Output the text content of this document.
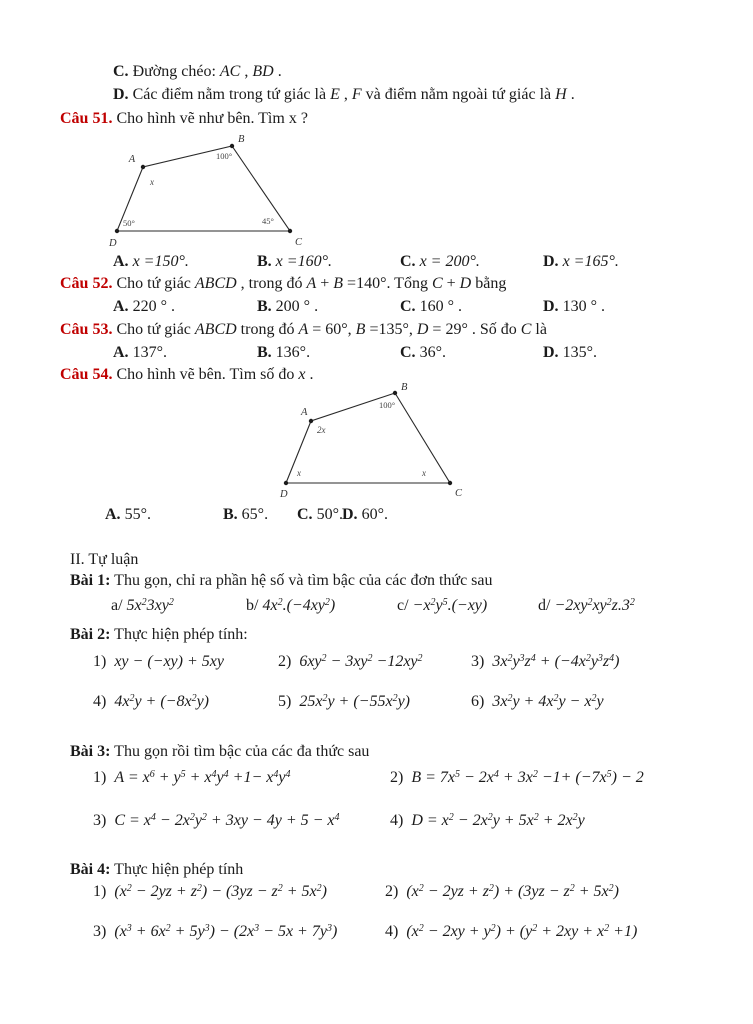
C. Đường chéo: AC , BD .
D. Các điểm nằm trong tứ giác là E , F và điểm nằm ngoài tứ giác là H .
Câu 51. Cho hình vẽ như bên. Tìm x ?
A
B
C
D
x
100°
45°
50°
A. x =150°.	B. x =160°.	C. x = 200°.	D. x =165°.
Câu 52. Cho tứ giác ABCD , trong đó A + B =140°. Tổng C + D bằng
A. 220 ° .	B. 200 ° .	C. 160 ° .	D. 130 ° .
Câu 53. Cho tứ giác ABCD trong đó A = 60°, B =135°, D = 29° . Số đo C là
A. 137°.	B. 136°.	C. 36°.	D. 135°.
Câu 54. Cho hình vẽ bên. Tìm số đo x .
A
B
C
D
2x
100°
x
x
A. 55°.	B. 65°. C. 50°. D. 60°.
II. Tự luận
Bài 1: Thu gọn, chỉ ra phần hệ số và tìm bậc của các đơn thức sau
a/ $5x^23xy^2$	b/ $4x^2.(-4xy^2)$	$c/ -x^2y^5.(-xy)$	$d/ -2xy^2xy^2z.3^2$
Bài 2: Thực hiện phép tính:
1) xy − (−xy) + 5xy	2) $6xy^2 - 3xy^2 -12xy^2$	3) $3x^2y^3z^4 + (-4x^2y^3z^4)$
4) $4x^2y + (-8x^2y)$	5) $25x^2y + (-55x^2y)$	6) $3x^2y + 4x^2y - x^2y$
Bài 3: Thu gọn rồi tìm bậc của các đa thức sau
1) $A = x^6 + y^5 + x^4y^4 +1- x^4y^4$	2) $B = 7x^5 - 2x^4 + 3x^2 -1+ (-7x^5) - 2$
3) $C = x^4 - 2x^2y^2 + 3xy - 4y + 5 - x^4$	4) $D = x^2 - 2x^2y + 5x^2 + 2x^2y$
Bài 4: Thực hiện phép tính
1) $(x^2 - 2yz + z^2) - (3yz - z^2 + 5x^2)$	2) $(x^2 - 2yz + z^2) + (3yz - z^2 + 5x^2)$
3) $(x^3 + 6x^2 + 5y^3) - (2x^3 - 5x + 7y^3)$	4) $(x^2 - 2xy + y^2) + (y^2 + 2xy + x^2 +1)$
